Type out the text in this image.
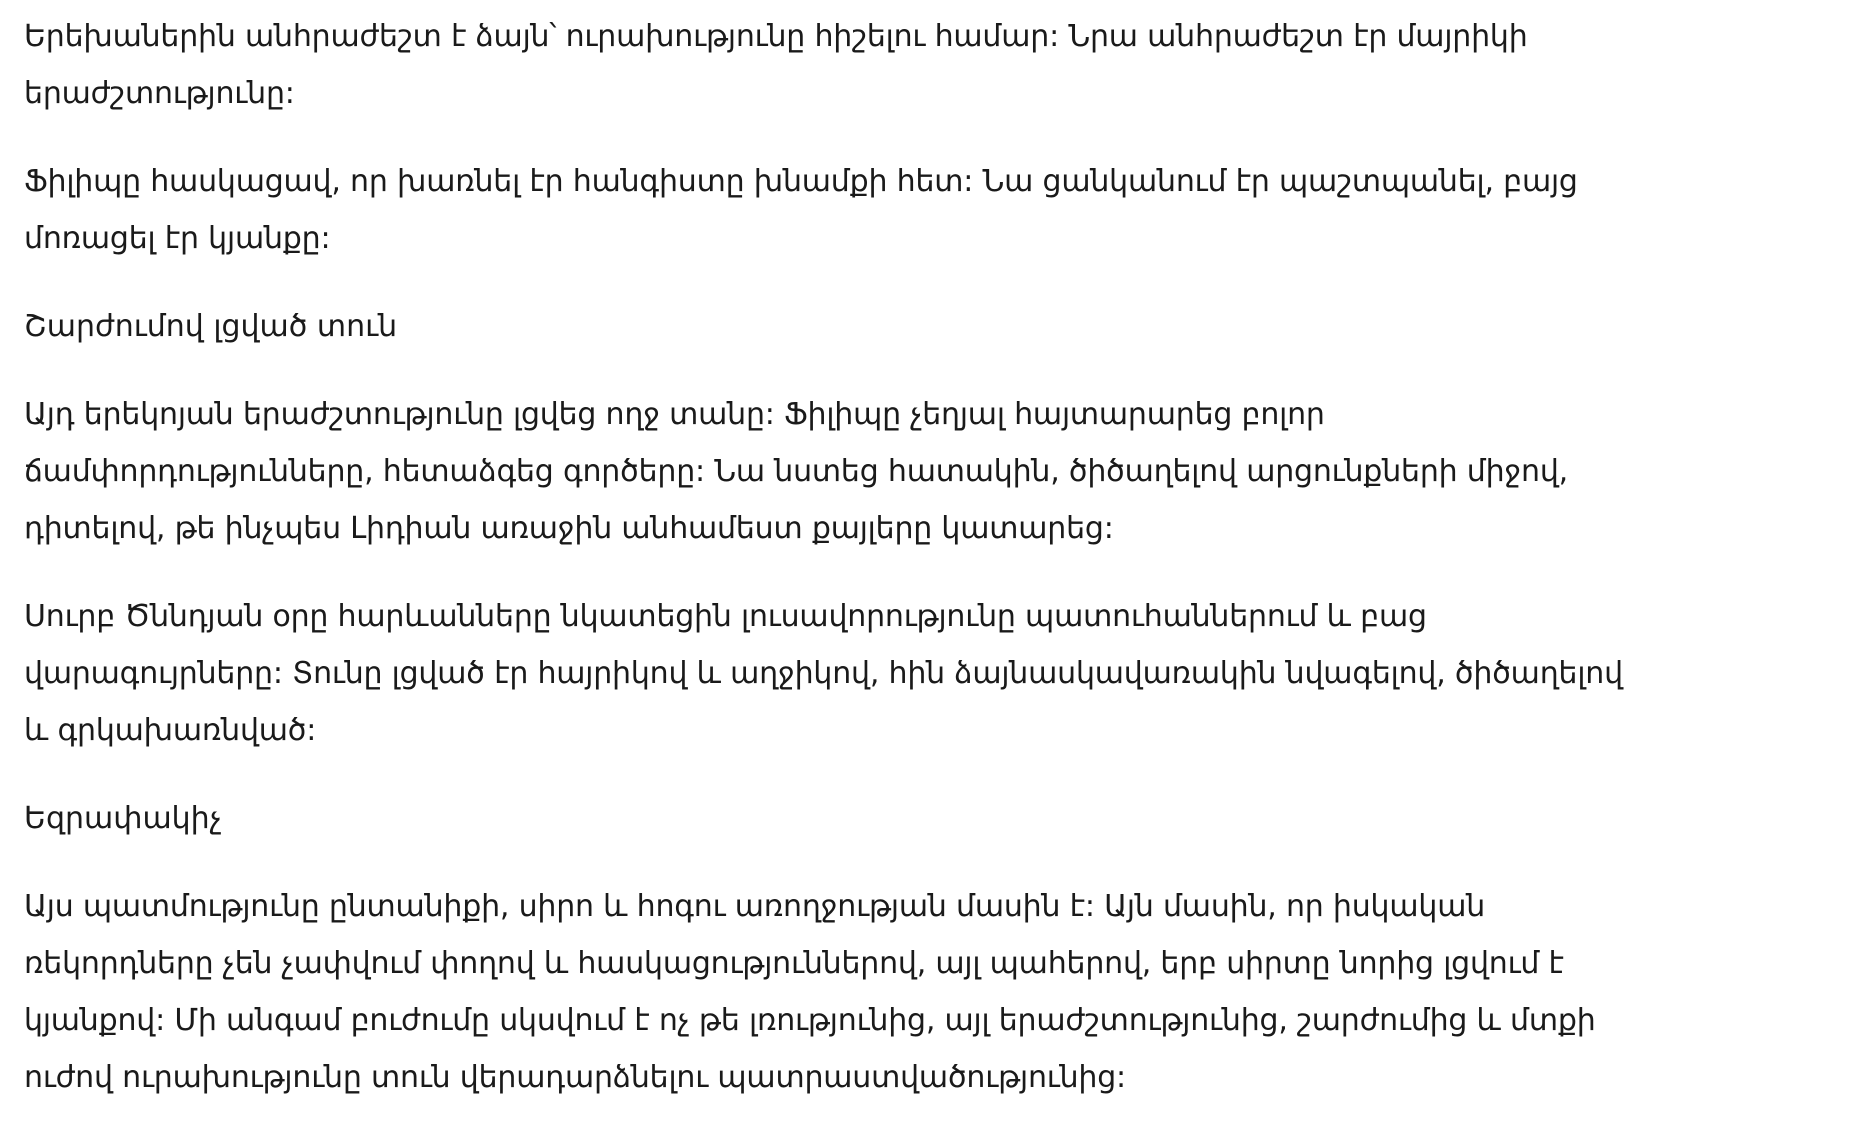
Երեխաներին անհրաժեշտ է ձայն՝ ուրախությունը հիշելու համար: Նրա անհրաժեշտ էր մայրիկի երաժշտությունը:

Ֆիլիպը հասկացավ, որ խառնել էր հանգիստը խնամքի հետ: Նա ցանկանում էր պաշտպանել, բայց մոռացել էր կյանքը:

Շարժումով լցված տուն

Այդ երեկոյան երաժշտությունը լցվեց ողջ տանը: Ֆիլիպը չեղյալ հայտարարեց բոլոր ճամփորդությունները, հետաձգեց գործերը: Նա նստեց հատակին, ծիծաղելով արցունքների միջով, դիտելով, թե ինչպես Լիդիան առաջին անհամեստ քայլերը կատարեց:

Սուրբ Ծննդյան օրը հարևանները նկատեցին լուսավորությունը պատուհաններում և բաց վարագույրները: Տունը լցված էր հայրիկով և աղջիկով, հին ձայնասկավառակին նվագելով, ծիծաղելով և գրկախառնված:

Եզրափակիչ

Այս պատմությունը ընտանիքի, սիրո և հոգու առողջության մասին է: Այն մասին, որ իսկական ռեկորդները չեն չափվում փողով և հասկացություններով, այլ պահերով, երբ սիրտը նորից լցվում է կյանքով: Մի անգամ բուժումը սկսվում է ոչ թե լռությունից, այլ երաժշտությունից, շարժումից և մտքի ուժով ուրախությունը տուն վերադարձնելու պատրաստվածությունից:
